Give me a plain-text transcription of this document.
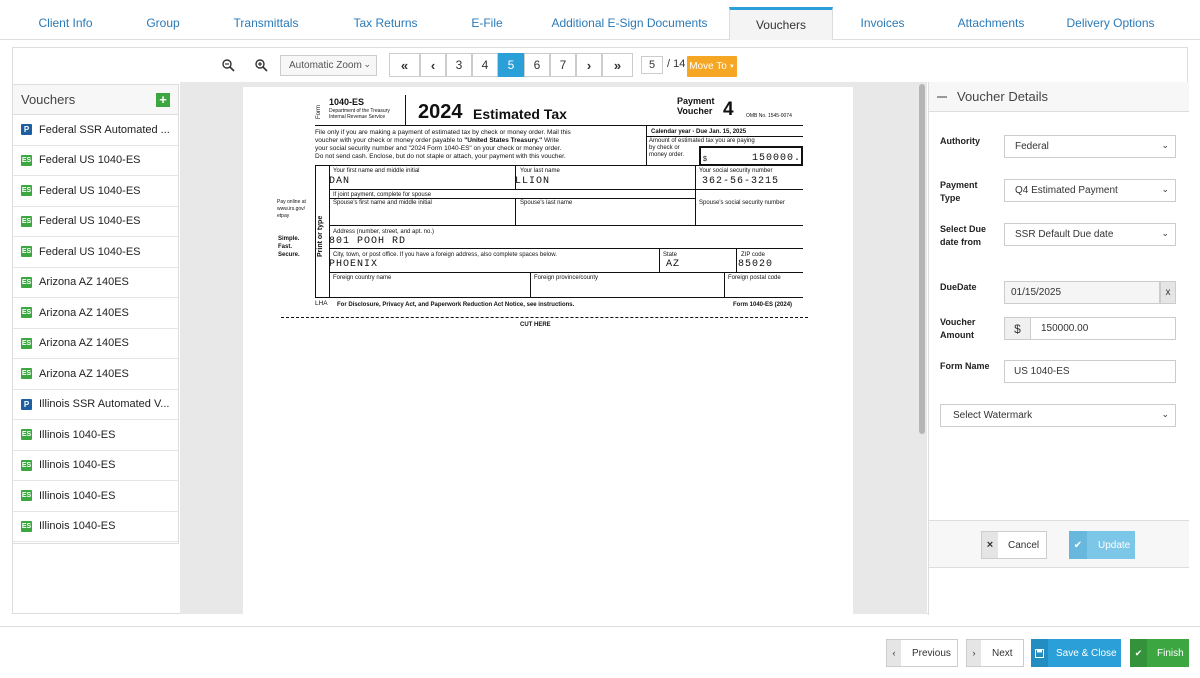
Client Info	Group	Transmittals	Tax Returns	E-File	Additional E-Sign Documents	Vouchers	Invoices	Attachments	Delivery Options
Automatic Zoom ⌄ « ‹	3	4	5	6	7	› »	5	/ 14 Move To ▼
Vouchers	+
P Federal SSR Automated ...
ES Federal US 1040-ES
ES Federal US 1040-ES
ES Federal US 1040-ES
ES Federal US 1040-ES
ES Arizona AZ 140ES
ES Arizona AZ 140ES
ES Arizona AZ 140ES
ES Arizona AZ 140ES
P Illinois SSR Automated V...
ES Illinois 1040-ES
ES Illinois 1040-ES
ES Illinois 1040-ES
ES Illinois 1040-ES
Form
1040-ES
Department of the Treasury
Internal Revenue Service 2024 Estimated Tax
Payment
Voucher 4 OMB No. 1545-0074
File only if you are making a payment of estimated tax by check or money order. Mail this
voucher with your check or money order payable to "United States Treasury." Write
your social security number and "2024 Form 1040-ES" on your check or money order.
Do not send cash. Enclose, but do not staple or attach, your payment with this voucher.
Calendar year - Due Jan. 15, 2025
Amount of estimated tax you are paying
by check or
money order.
$	150000.
Pay online at
www.irs.gov/
etpay
Simple.
Fast.
Secure. Print or type
Your first name and middle initial
DAN
Your last name
LLION
Your social security number
362-56-3215
If joint payment, complete for spouse
Spouse's first name and middle initial	Spouse's last name	Spouse's social security number
Address (number, street, and apt. no.)
801 POOH RD
City, town, or post office. If you have a foreign address, also complete spaces below.
PHOENIX
State
AZ
ZIP code
85020
Foreign country name	Foreign province/county	Foreign postal code
LHA For Disclosure, Privacy Act, and Paperwork Reduction Act Notice, see instructions.	Form 1040-ES (2024)
CUT HERE
Voucher Details
Authority	Federal	⌄
Payment Type
Q4 Estimated Payment	⌄
Select Due date from
SSR Default Due date	⌄
DueDate	01/15/2025	x
Voucher Amount	$	150000.00
Form Name	US 1040-ES
Select Watermark	⌄
×	Cancel	✔	Update
‹	Previous	›	Next	Save & Close	✔	Finish
